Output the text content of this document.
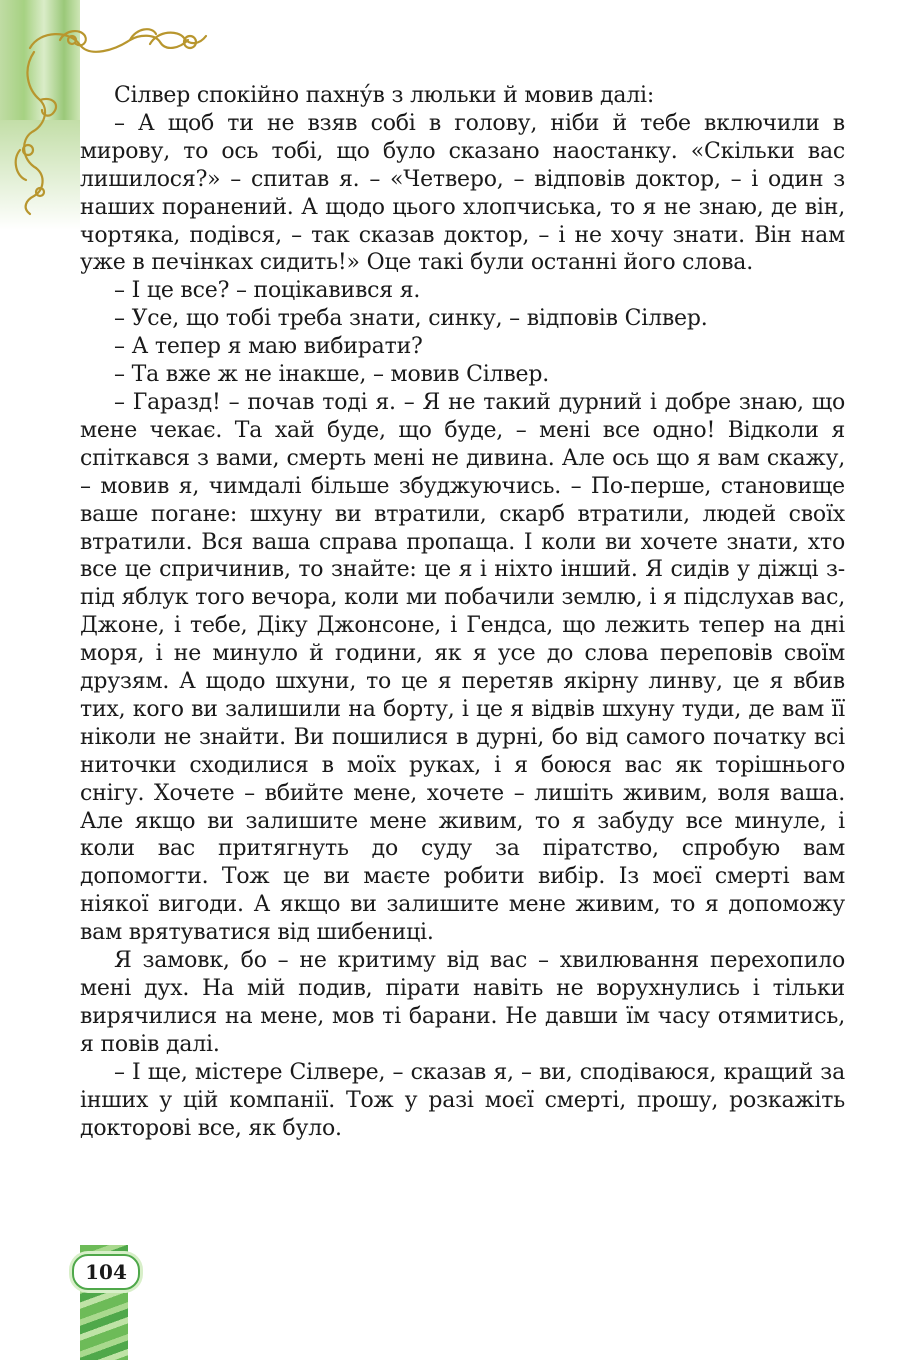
Сілвер спокійно пахну́в з люльки й мовив далі:

– А щоб ти не взяв собі в голову, ніби й тебе включили в мирову, то ось тобі, що було сказано наостанку. «Скільки вас лишилося?» – спитав я. – «Четверо, – відповів доктор, – і один з наших поранений. А щодо цього хлопчиська, то я не знаю, де він, чортяка, подівся, – так сказав доктор, – і не хочу знати. Він нам уже в печінках сидить!» Оце такі були останні його слова.

– І це все? – поцікавився я.

– Усе, що тобі треба знати, синку, – відповів Сілвер.

– А тепер я маю вибирати?

– Та вже ж не інакше, – мовив Сілвер.

– Гаразд! – почав тоді я. – Я не такий дурний і добре знаю, що мене чекає. Та хай буде, що буде, – мені все одно! Відколи я спіткався з вами, смерть мені не дивина. Але ось що я вам скажу, – мовив я, чимдалі більше збуджуючись. – По-перше, становище ваше погане: шхуну ви втратили, скарб втратили, людей своїх втратили. Вся ваша справа пропаща. І коли ви хочете знати, хто все це спричинив, то знайте: це я і ніхто інший. Я сидів у діжці з-під яблук того вечора, коли ми побачили землю, і я підслухав вас, Джоне, і тебе, Діку Джонсоне, і Гендса, що лежить тепер на дні моря, і не минуло й години, як я усе до слова переповів своїм друзям. А щодо шхуни, то це я перетяв якірну линву, це я вбив тих, кого ви залишили на борту, і це я відвів шхуну туди, де вам її ніколи не знайти. Ви пошилися в дурні, бо від самого початку всі ниточки сходилися в моїх руках, і я боюся вас як торішнього снігу. Хочете – вбийте мене, хочете – лишіть живим, воля ваша. Але якщо ви залишите мене живим, то я забуду все минуле, і коли вас притягнуть до суду за піратство, спробую вам допомогти. Тож це ви маєте робити вибір. Із моєї смерті вам ніякої вигоди. А якщо ви залишите мене живим, то я допоможу вам врятуватися від шибениці.

Я замовк, бо – не критиму від вас – хвилювання перехопило мені дух. На мій подив, пірати навіть не ворухнулись і тільки вирячилися на мене, мов ті барани. Не давши їм часу отямитись, я повів далі.

– І ще, містере Сілвере, – сказав я, – ви, сподіваюся, кращий за інших у цій компанії. Тож у разі моєї смерті, прошу, розкажіть докторові все, як було.

104
